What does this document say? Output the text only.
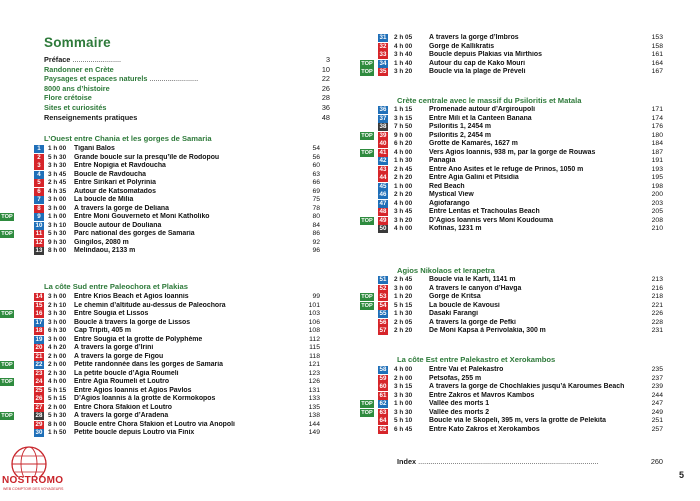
Sommaire
Préface .....	3
Randonner en Crète	10
Paysages et espaces naturels .....	22
8000 ans d’histoire	26
Flore crétoise	28
Sites et curiosités	36
Renseignements pratiques	48
L’Ouest entre Chania et les gorges de Samaria
1	1 h 00 Tigani Balos	54
2	5 h 30 Grande boucle sur la presqu’île de Rodopou	56
3	3 h 30 Entre Nopigia et Ravdoucha	60
4	3 h 45 Boucle de Ravdoucha	63
5	2 h 45 Entre Sirikari et Polyrinia	66
6	4 h 35 Autour de Katsomatados	69
7	3 h 00 La boucle de Milia	75
8	3 h 00 À travers la gorge de Deliana	78
TOP	9	1 h 00 Entre Moni Gouverneto et Moni Katholiko	80
10 3 h 10 Boucle autour de Douliana	84
TOP	11 5 h 30 Parc national des gorges de Samaria	86
12 9 h 30 Gingilos, 2080 m	92
13 8 h 00 Melindaou, 2133 m	96
La côte Sud entre Paleochora et Plakias
14 3 h 00 Entre Krios Beach et Agios Ioannis	99
15 2 h 10 Le chemin d’altitude au-dessus de Paleochora	101
TOP	16 3 h 30 Entre Sougia et Lissos	103
17 3 h 00 Boucle à travers la gorge de Lissos	106
18 6 h 30 Cap Tripiti, 405 m	108
19 3 h 00 Entre Sougia et la grotte de Polyphème	112
20 4 h 20 À travers la gorge d’Irini	115
21 2 h 00 À travers la gorge de Figou	118
TOP	22 2 h 00 Petite randonnée dans les gorges de Samaria	121
23 2 h 30 La petite boucle d’Agia Roumeli	123
TOP	24 4 h 00 Entre Agia Roumeli et Loutro	126
25 5 h 15 Entre Agios Ioannis et Agios Pavlos	131
26 5 h 15 D’Agios Ioannis à la grotte de Kormokopos	133
27 2 h 00 Entre Chora Sfakion et Loutro	135
TOP	28 5 h 30 À travers la gorge d’Aradena	138
29 8 h 00 Boucle entre Chora Sfakion et Loutro via Anopoli	144
30 1 h 50 Petite boucle depuis Loutro via Finix	149
31 2 h 05 À travers la gorge d’Imbros	153
32 4 h 00 Gorge de Kallikratis	158
33 3 h 40 Boucle depuis Plakias via Mirthios	161
TOP 34 1 h 40 Autour du cap de Kako Mouri	164
TOP 35 3 h 20 Boucle via la plage de Préveli	167
Crète centrale avec le massif du Psiloritis et Matala
36 1 h 15 Promenade autour d’Argiroupoli	171
37 3 h 15 Entre Mili et la Canteen Banana	174
38 7 h 50 Psiloritis 1, 2454 m	176
TOP 39 9 h 00 Psiloritis 2, 2454 m	180
40 6 h 20 Grotte de Kamarès, 1627 m	184
TOP 41 4 h 00 Vers Agios Ioannis, 938 m, par la gorge de Rouwas	187
42 1 h 30 Panagia	191
43 2 h 45 Entre Ano Asites et le refuge de Prinos, 1050 m	193
44 2 h 20 Entre Agia Galini et Pitsidia	195
45 1 h 00 Red Beach	198
46 2 h 20 Mystical View	200
47 4 h 00 Agiofarango	203
48 3 h 45 Entre Lentas et Trachoulas Beach	205
TOP 49 3 h 20 D’Agios Ioannis vers Moni Koudouma	208
50 4 h 00 Kofinas, 1231 m	210
Agios Nikolaos et Ierapetra
51 2 h 45 Boucle via le Karfi, 1141 m	213
52 3 h 00 À travers le canyon d’Havga	216
TOP 53 1 h 20 Gorge de Kritsa	218
TOP 54 5 h 15 La boucle de Kavousi	221
55 1 h 30 Dasaki Farangi	226
56 2 h 05 À travers la gorge de Pefki	228
57 2 h 20 De Moni Kapsa à Perivolakia, 300 m	231
La côte Est entre Palekastro et Xerokambos
58 4 h 00 Entre Vai et Palekastro	235
59 2 h 00 Petsofas, 255 m	237
60 3 h 15 À travers la gorge de Chochlakies jusqu’à Karoumes Beach	239
61 3 h 30 Entre Zakros et Mavros Kambos	244
TOP 62 1 h 00 Vallée des morts 1	247
TOP 63 3 h 30 Vallée des morts 2	249
64 5 h 10 Boucle via le Skopeli, 395 m, vers la grotte de Pelekita	251
65 6 h 45 Entre Kato Zakros et Xerokambos	257
Index .........................................................................................	260
5
NOSTROMO
WEB COMPTOIR DES VOYAGEURS
